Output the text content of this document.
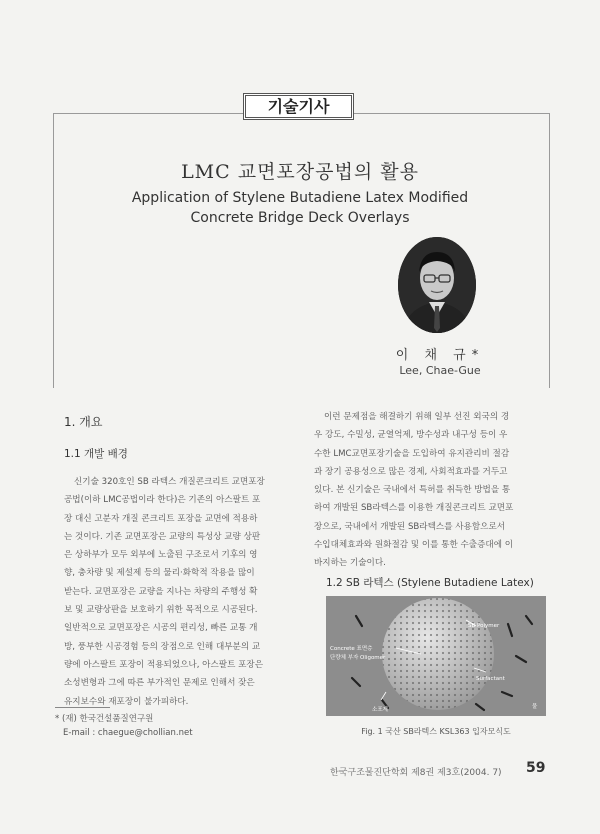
기술기사
LMC 교면포장공법의 활용
Application of Stylene Butadiene Latex Modified
Concrete Bridge Deck Overlays
이 채 규*
Lee, Chae-Gue
1. 개요
1.1 개발 배경
신기술 320호인 SB 라텍스 개질콘크리트 교면포장
공법(이하 LMC공법이라 한다)은 기존의 아스팔트 포
장 대신 고분자 개질 콘크리트 포장을 교면에 적용하
는 것이다. 기존 교면포장은 교량의 특성상 교량 상판
은 상하부가 모두 외부에 노출된 구조로서 기후의 영
향, 충차량 및 제설제 등의 물리·화학적 작용을 많이
받는다. 교면포장은 교량을 지나는 차량의 주행성 확
보 및 교량상판을 보호하기 위한 목적으로 시공된다.
일반적으로 교면포장은 시공의 편리성, 빠른 교통 개
방, 풍부한 시공경험 등의 장점으로 인해 대부분의 교
량에 아스팔트 포장이 적용되었으나, 아스팔트 포장은
소성변형과 그에 따른 부가적인 문제로 인해서 잦은
유지보수와 재포장이 불가피하다.
* (재) 한국건설품질연구원
E-mail : chaegue@chollian.net
이런 문제점을 해결하기 위해 일부 선진 외국의 경
우 강도, 수밀성, 균열억제, 방수성과 내구성 등이 우
수한 LMC교면포장기술을 도입하여 유지관리비 절감
과 장기 공용성으로 많은 경제, 사회적효과를 거두고
있다. 본 신기술은 국내에서 특허를 취득한 방법을 통
하여 개발된 SB라텍스를 이용한 개질콘크리트 교면포
장으로, 국내에서 개발된 SB라텍스를 사용함으로서
수입대체효과와 원화절감 및 이를 통한 수출증대에 이
바지하는 기술이다.
1.2 SB 라텍스 (Stylene Butadiene Latex)
SB Polymer
Concrete 표면층
단량체 부자 Oligomer
Surfactant
소포제	물
Fig. 1 국산 SB라텍스 KSL363 입자모식도
한국구조물진단학회 제8권 제3호(2004. 7) 59
